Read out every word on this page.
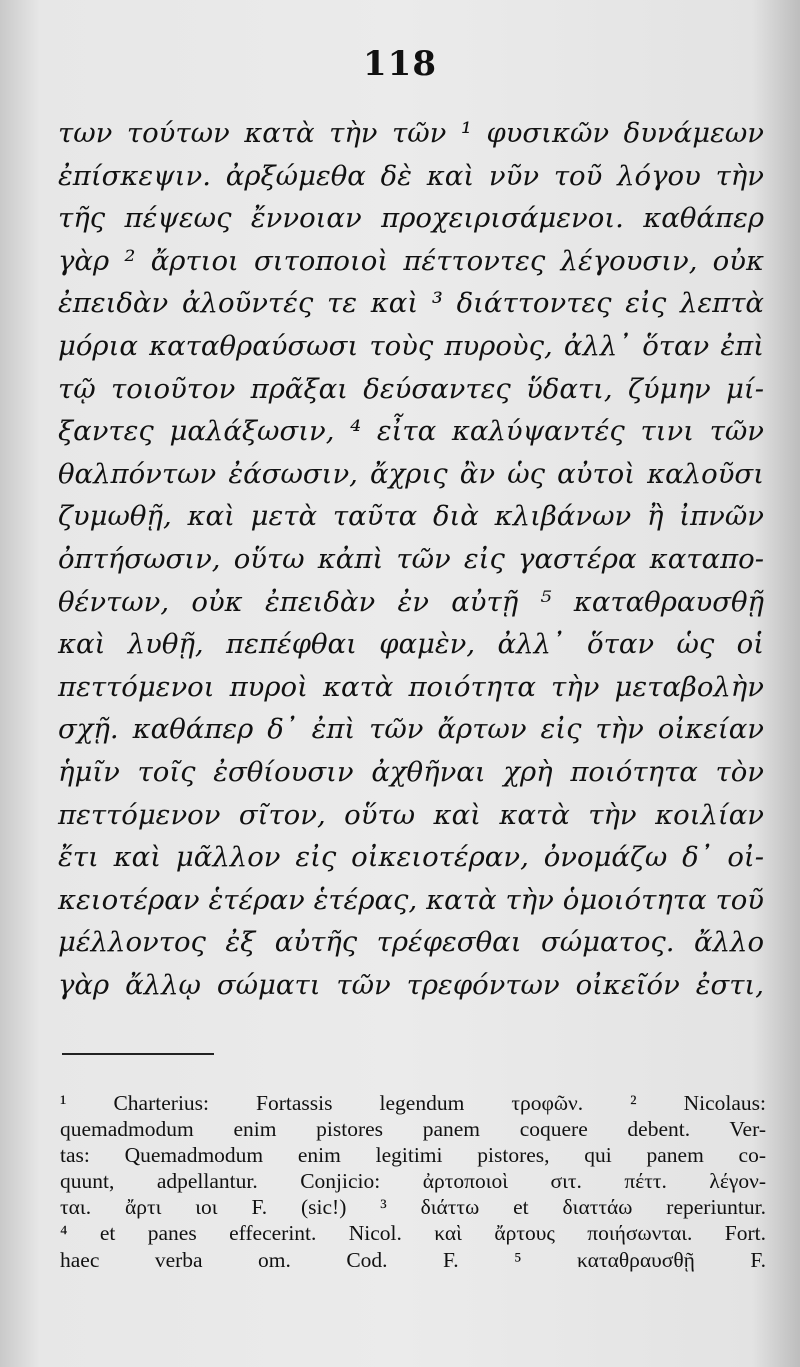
118
των τούτων κατὰ τὴν τῶν ¹ φυσικῶν δυνάμεων
ἐπίσκεψιν. ἀρξώμεθα δὲ καὶ νῦν τοῦ λόγου τὴν
τῆς πέψεως ἔννοιαν προχειρισάμενοι. καθάπερ
γὰρ ² ἄρτιοι σιτοποιοὶ πέττοντες λέγουσιν, οὐκ
ἐπειδὰν ἀλοῦντές τε καὶ ³ διάττοντες εἰς λεπτὰ
μόρια καταθραύσωσι τοὺς πυροὺς, ἀλλ᾽ ὅταν ἐπὶ
τῷ τοιοῦτον πρᾶξαι δεύσαντες ὕδατι, ζύμην μί-
ξαντες μαλάξωσιν, ⁴ εἶτα καλύψαντές τινι τῶν
θαλπόντων ἐάσωσιν, ἄχρις ἂν ὡς αὐτοὶ καλοῦσι
ζυμωθῇ, καὶ μετὰ ταῦτα διὰ κλιβάνων ἢ ἰπνῶν
ὀπτήσωσιν, οὕτω κἀπὶ τῶν εἰς γαστέρα καταπο-
θέντων, οὐκ ἐπειδὰν ἐν αὐτῇ ⁵ καταθραυσθῇ
καὶ λυθῇ, πεπέφθαι φαμὲν, ἀλλ᾽ ὅταν ὡς οἱ
πεττόμενοι πυροὶ κατὰ ποιότητα τὴν μεταβολὴν
σχῇ. καθάπερ δ᾽ ἐπὶ τῶν ἄρτων εἰς τὴν οἰκείαν
ἡμῖν τοῖς ἐσθίουσιν ἀχθῆναι χρὴ ποιότητα τὸν
πεττόμενον σῖτον, οὕτω καὶ κατὰ τὴν κοιλίαν
ἔτι καὶ μᾶλλον εἰς οἰκειοτέραν, ὀνομάζω δ᾽ οἰ-
κειοτέραν ἑτέραν ἑτέρας, κατὰ τὴν ὁμοιότητα τοῦ
μέλλοντος ἐξ αὐτῆς τρέφεσθαι σώματος. ἄλλο
γὰρ ἄλλῳ σώματι τῶν τρεφόντων οἰκεῖόν ἐστι,
¹ Charterius: Fortassis legendum τροφῶν. ² Nicolaus:
quemadmodum enim pistores panem coquere debent. Ver-
tas: Quemadmodum enim legitimi pistores, qui panem co-
quunt, adpellantur. Conjicio: ἀρτοποιοὶ σιτ. πέττ. λέγον-
ται. ἄρτι ιοι F. (sic!) ³ διάττω et διαττάω reperiuntur.
⁴ et panes effecerint. Nicol. καὶ ἄρτους ποιήσωνται. Fort.
haec verba om. Cod. F. ⁵ καταθραυσθῇ F.
